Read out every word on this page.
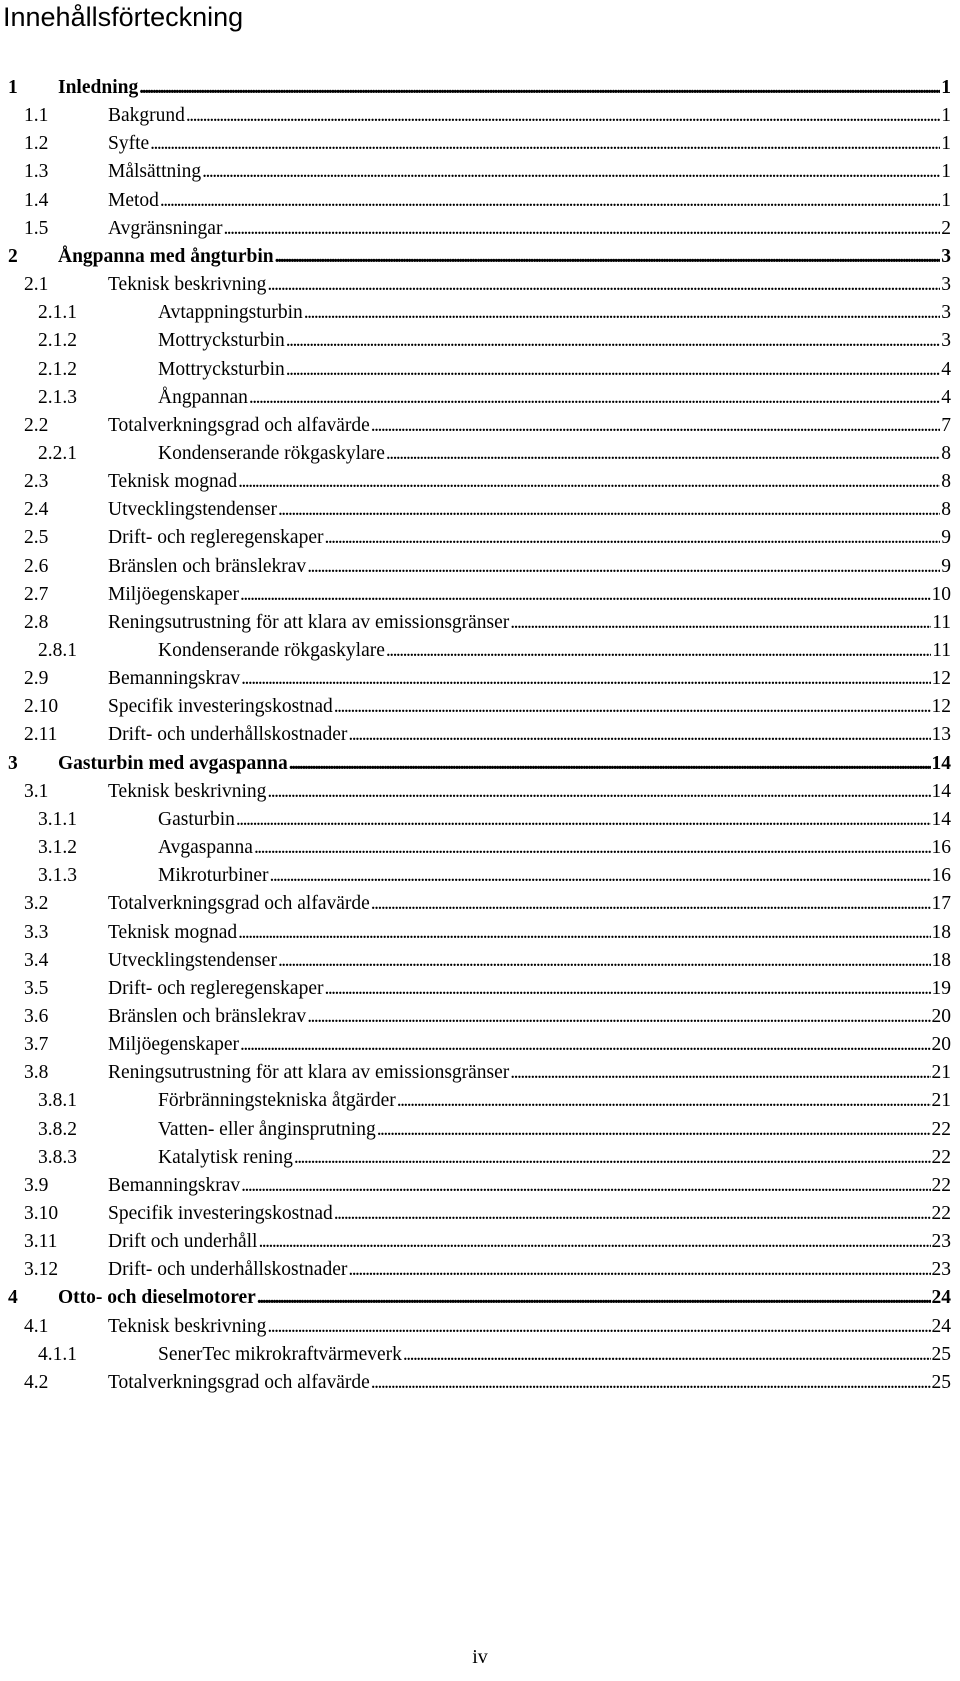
Innehållsförteckning
1 Inledning . . .	1
1.1	Bakgrund . . .	1
1.2	Syfte . . .	1
1.3	Målsättning . . .	1
1.4	Metod . . .	1
1.5	Avgränsningar . . .	2
2 Ångpanna med ångturbin . . .	3
2.1	Teknisk beskrivning . . .	3
2.1.1	Avtappningsturbin . . .	3
2.1.2	Mottrycksturbin . . .	3
2.1.2	Mottrycksturbin . . .	4
2.1.3	Ångpannan . . .	4
2.2	Totalverkningsgrad och alfavärde . . .	7
2.2.1	Kondenserande rökgaskylare . . .	8
2.3	Teknisk mognad . . .	8
2.4	Utvecklingstendenser . . .	8
2.5	Drift- och regleregenskaper . . .	9
2.6	Bränslen och bränslekrav . . .	9
2.7	Miljöegenskaper . . .	10
2.8	Reningsutrustning för att klara av emissionsgränser . . .	11
2.8.1	Kondenserande rökgaskylare . . .	11
2.9	Bemanningskrav . . .	12
2.10	Specifik investeringskostnad . . .	12
2.11	Drift- och underhållskostnader . . .	13
3 Gasturbin med avgaspanna . . .	14
3.1	Teknisk beskrivning . . .	14
3.1.1	Gasturbin . . .	14
3.1.2	Avgaspanna . . .	16
3.1.3	Mikroturbiner . . .	16
3.2	Totalverkningsgrad och alfavärde . . .	17
3.3	Teknisk mognad . . .	18
3.4	Utvecklingstendenser . . .	18
3.5	Drift- och regleregenskaper . . .	19
3.6	Bränslen och bränslekrav . . .	20
3.7	Miljöegenskaper . . .	20
3.8	Reningsutrustning för att klara av emissionsgränser . . .	21
3.8.1	Förbränningstekniska åtgärder . . .	21
3.8.2	Vatten- eller ånginsprutning . . .	22
3.8.3	Katalytisk rening . . .	22
3.9	Bemanningskrav . . .	22
3.10	Specifik investeringskostnad . . .	22
3.11	Drift och underhåll . . .	23
3.12	Drift- och underhållskostnader . . .	23
4 Otto- och dieselmotorer . . .	24
4.1	Teknisk beskrivning . . .	24
4.1.1	SenerTec mikrokraftvärmeverk . . .	25
4.2	Totalverkningsgrad och alfavärde . . .	25
iv
